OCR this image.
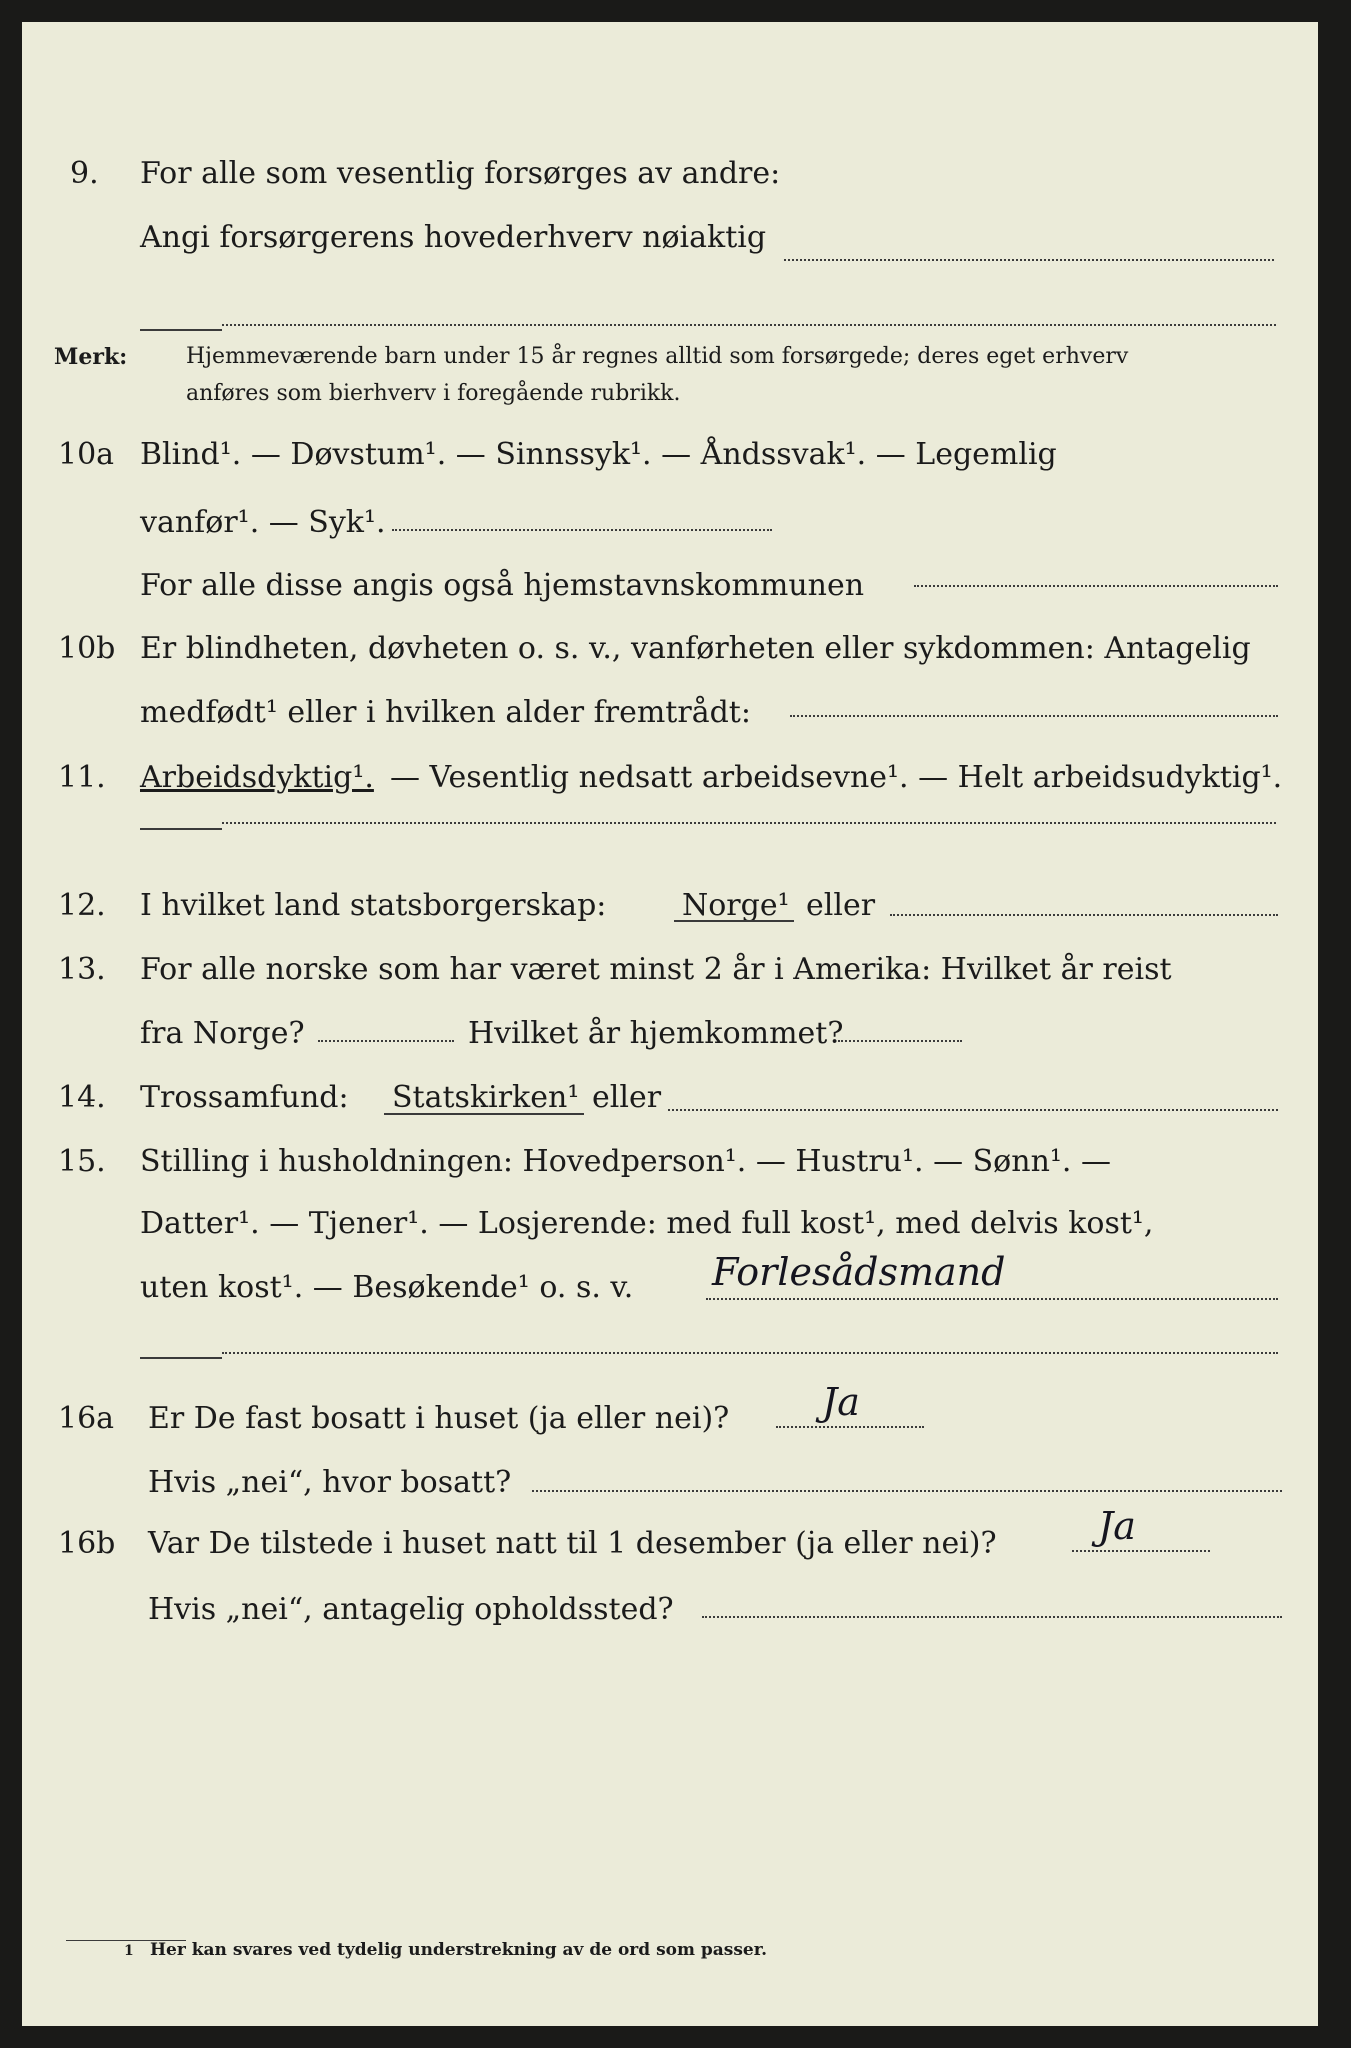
9. For alle som vesentlig forsørges av andre:
Angi forsørgerens hovederhverv nøiaktig
Merk:	Hjemmeværende barn under 15 år regnes alltid som forsørgede; deres eget erhverv
anføres som bierhverv i foregående rubrikk.
10a Blind¹. — Døvstum¹. — Sinnssyk¹. — Åndssvak¹. — Legemlig
vanfør¹. — Syk¹.
For alle disse angis også hjemstavnskommunen
10b Er blindheten, døvheten o. s. v., vanførheten eller sykdommen: Antagelig
medfødt¹ eller i hvilken alder fremtrådt:
11. Arbeidsdyktig¹. — Vesentlig nedsatt arbeidsevne¹. — Helt arbeidsudyktig¹.
12. I hvilket land statsborgerskap:	Norge¹ eller
13. For alle norske som har været minst 2 år i Amerika: Hvilket år reist
fra Norge?	Hvilket år hjemkommet?
14. Trossamfund: Statskirken¹ eller
15. Stilling i husholdningen: Hovedperson¹. — Hustru¹. — Sønn¹. —
Datter¹. — Tjener¹. — Losjerende: med full kost¹, med delvis kost¹,
uten kost¹. — Besøkende¹ o. s. v. Forlesådsmand
16a Er De fast bosatt i huset (ja eller nei)? Ja
Hvis „nei“, hvor bosatt?
16b Var De tilstede i huset natt til 1 desember (ja eller nei)?	Ja
Hvis „nei“, antagelig opholdssted?
1 Her kan svares ved tydelig understrekning av de ord som passer.
